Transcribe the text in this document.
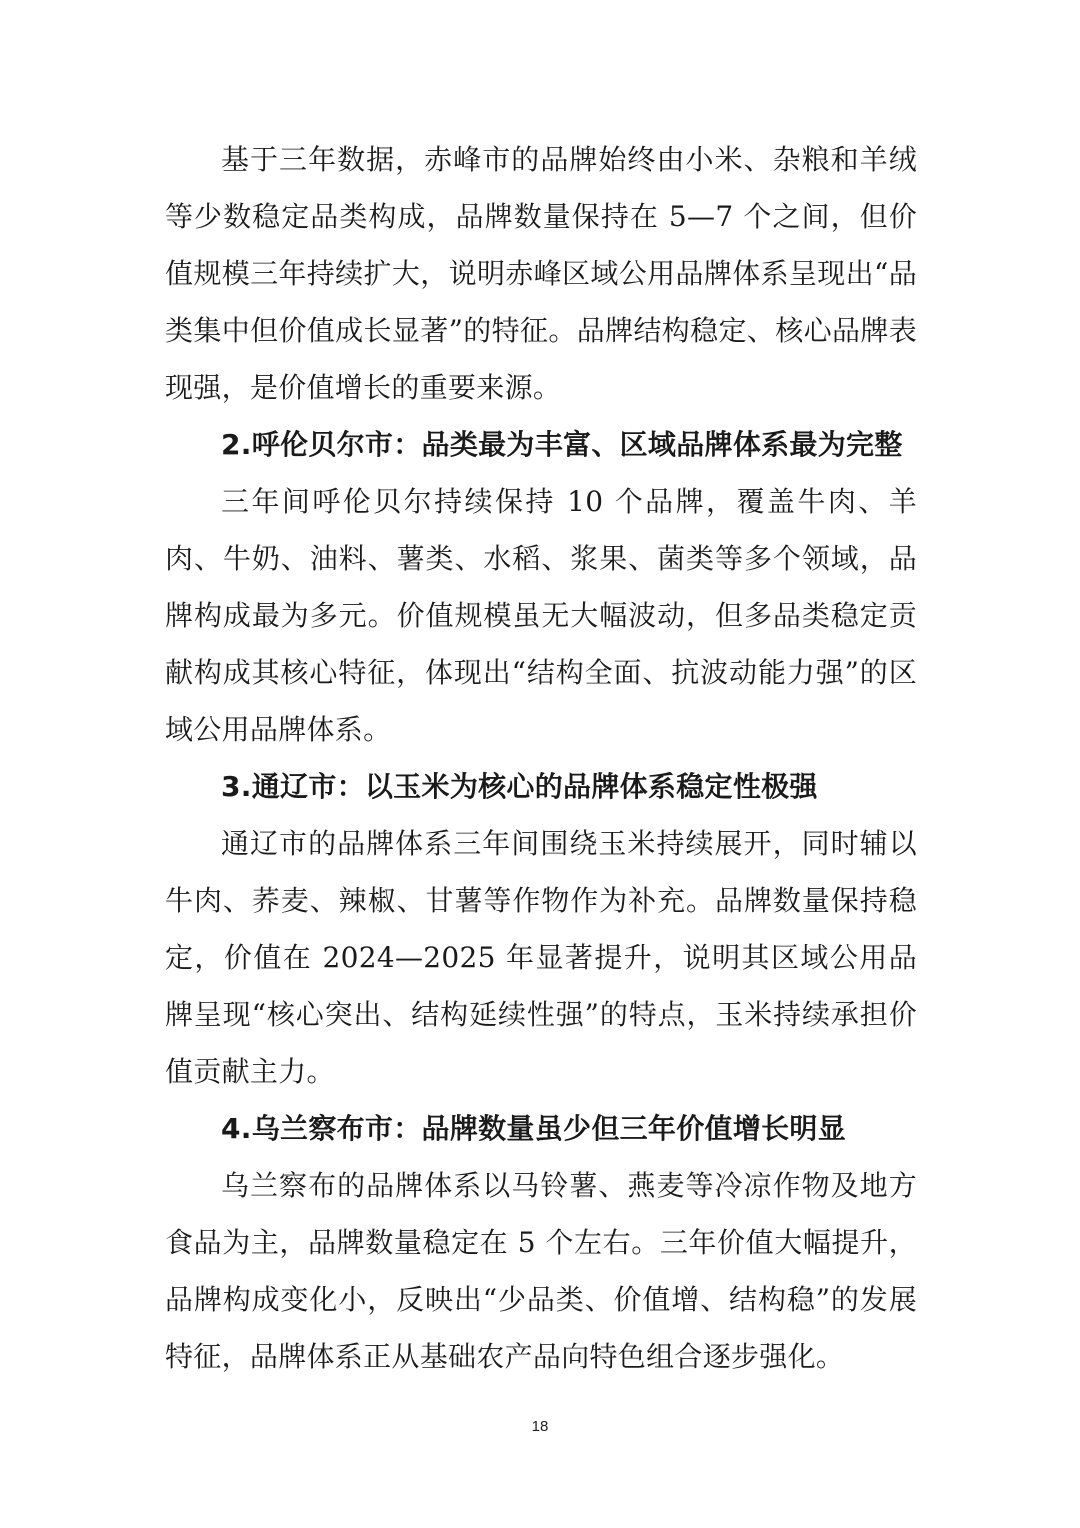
基于三年数据，赤峰市的品牌始终由小米、杂粮和羊绒等少数稳定品类构成，品牌数量保持在 5—7 个之间，但价值规模三年持续扩大，说明赤峰区域公用品牌体系呈现出“品类集中但价值成长显著”的特征。品牌结构稳定、核心品牌表现强，是价值增长的重要来源。

2.呼伦贝尔市：品类最为丰富、区域品牌体系最为完整

三年间呼伦贝尔持续保持 10 个品牌，覆盖牛肉、羊肉、牛奶、油料、薯类、水稻、浆果、菌类等多个领域，品牌构成最为多元。价值规模虽无大幅波动，但多品类稳定贡献构成其核心特征，体现出“结构全面、抗波动能力强”的区域公用品牌体系。

3.通辽市：以玉米为核心的品牌体系稳定性极强

通辽市的品牌体系三年间围绕玉米持续展开，同时辅以牛肉、荞麦、辣椒、甘薯等作物作为补充。品牌数量保持稳定，价值在 2024—2025 年显著提升，说明其区域公用品牌呈现“核心突出、结构延续性强”的特点，玉米持续承担价值贡献主力。

4.乌兰察布市：品牌数量虽少但三年价值增长明显

乌兰察布的品牌体系以马铃薯、燕麦等冷凉作物及地方食品为主，品牌数量稳定在 5 个左右。三年价值大幅提升，品牌构成变化小，反映出“少品类、价值增、结构稳”的发展特征，品牌体系正从基础农产品向特色组合逐步强化。

18
